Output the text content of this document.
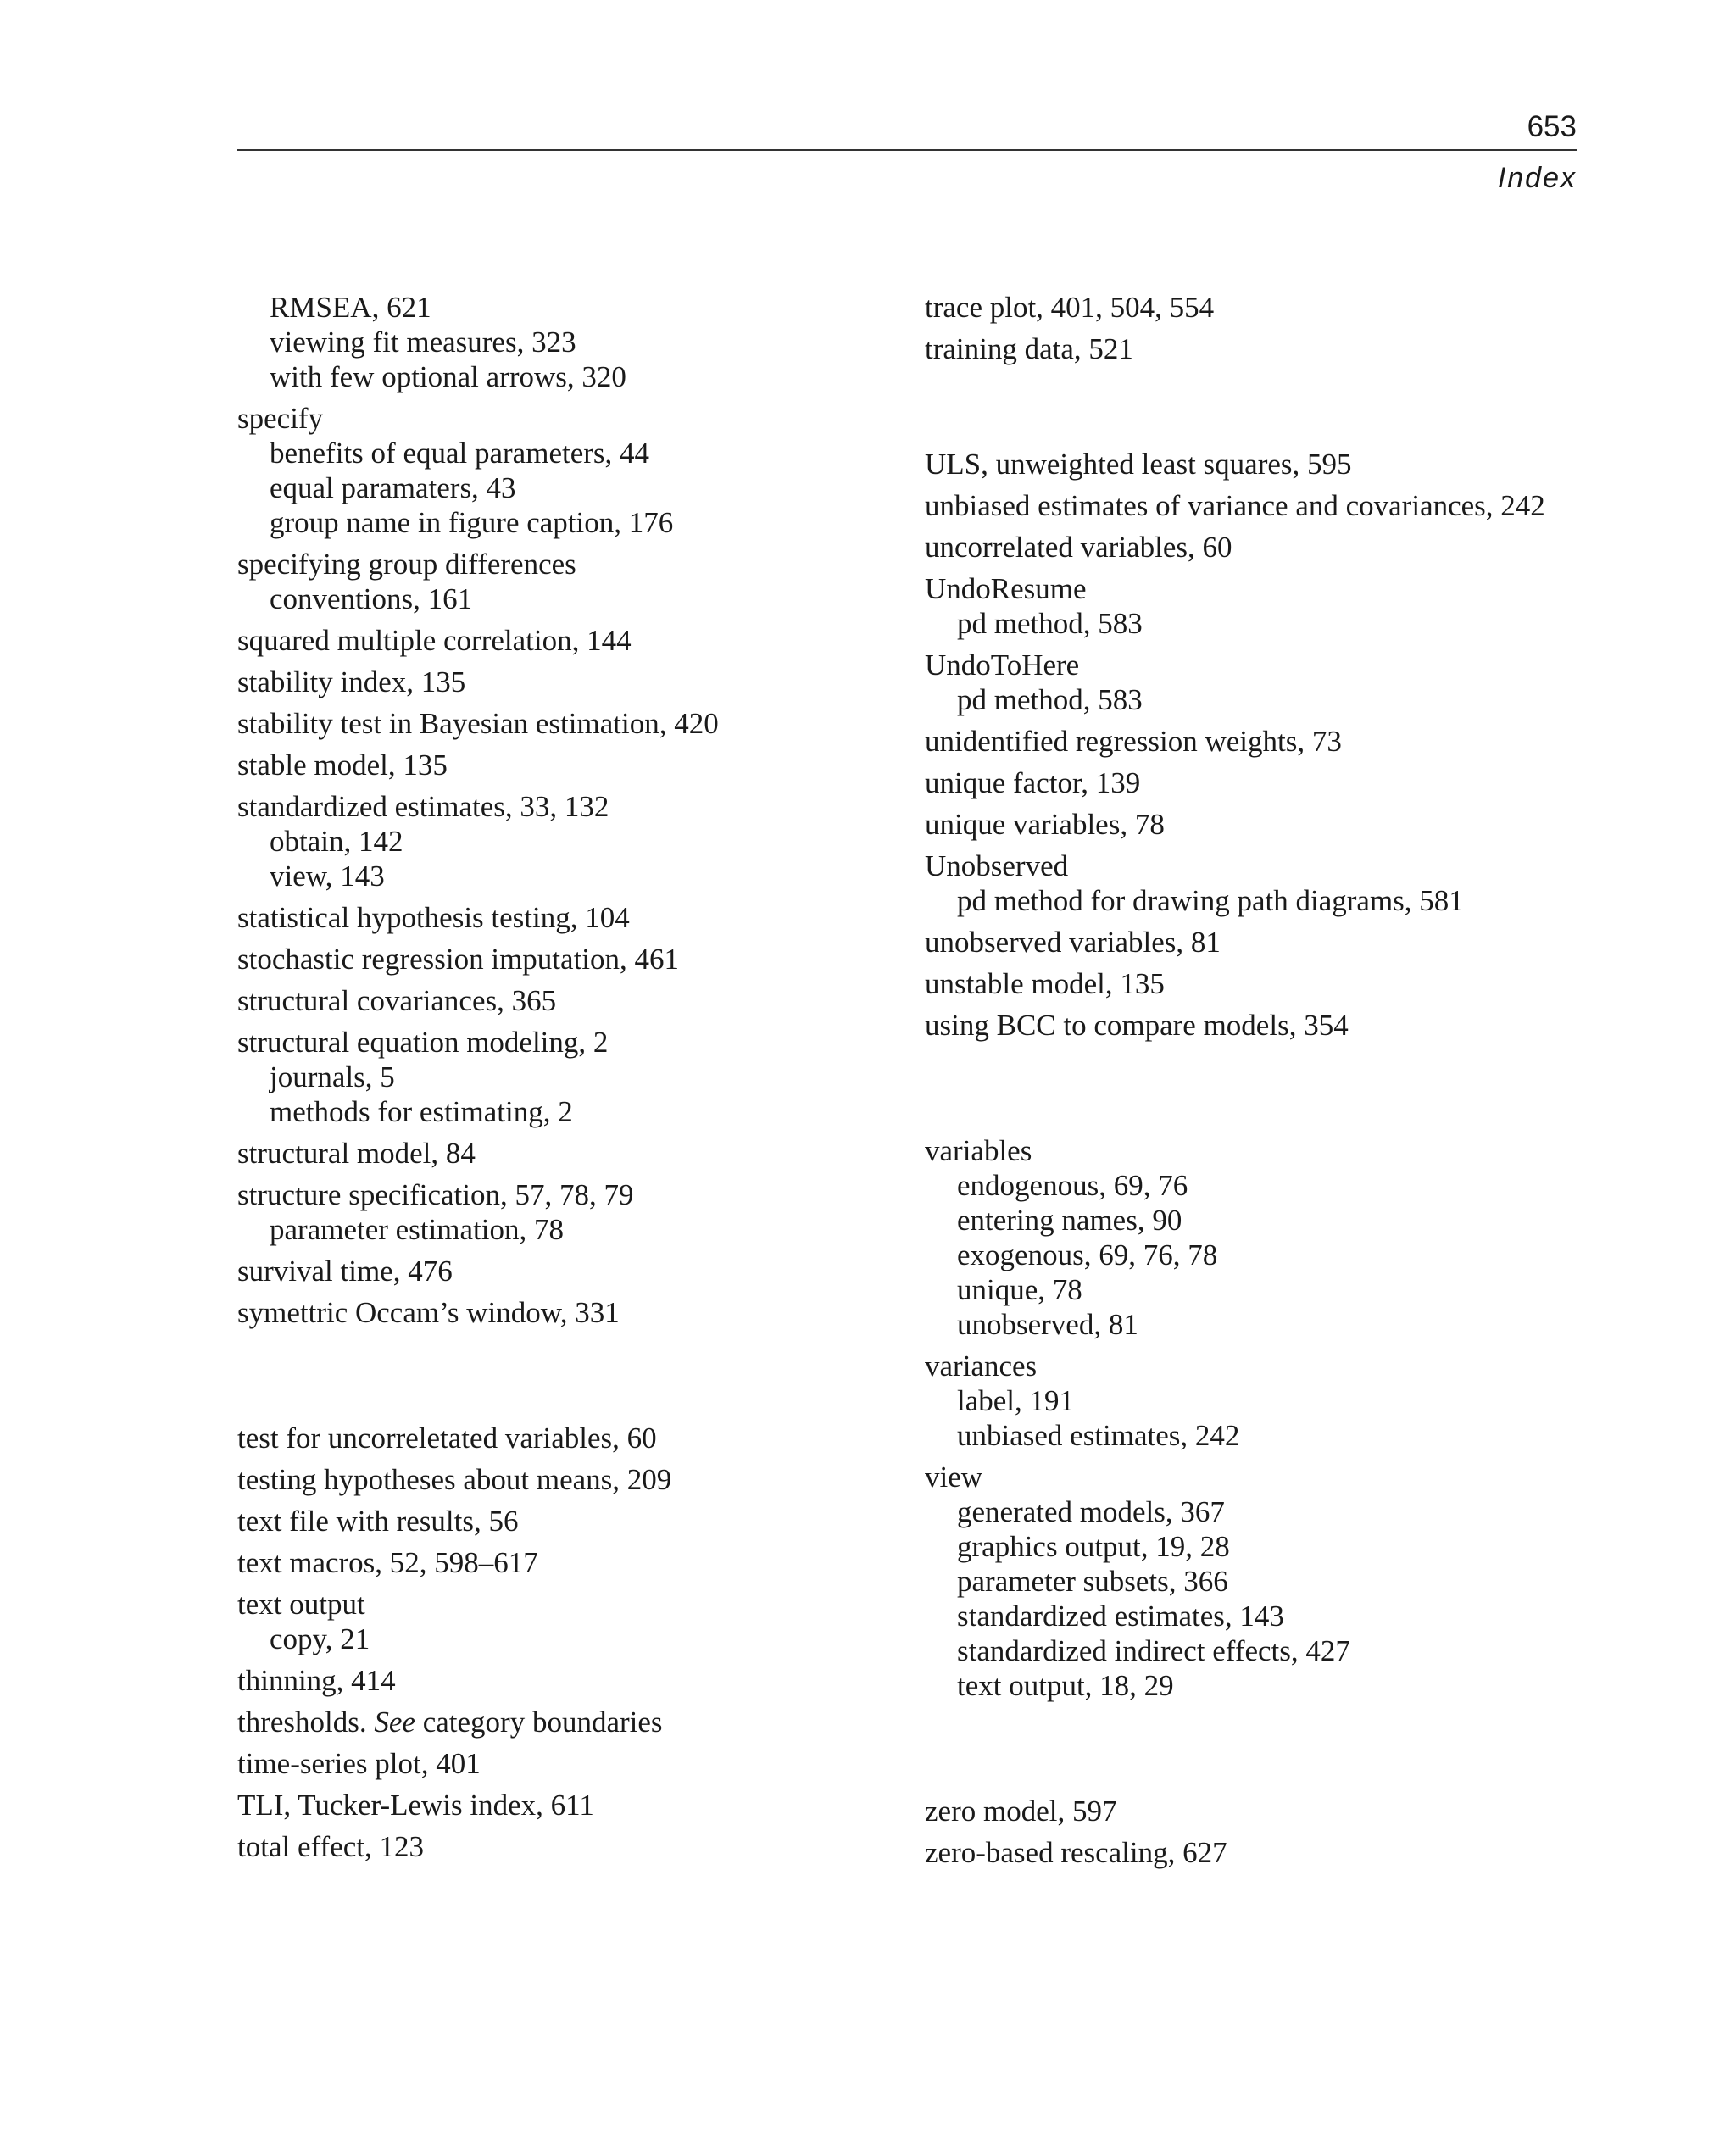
653
Index
RMSEA, 621
viewing fit measures, 323
with few optional arrows, 320
specify
benefits of equal parameters, 44
equal paramaters, 43
group name in figure caption, 176
specifying group differences
conventions, 161
squared multiple correlation, 144
stability index, 135
stability test in Bayesian estimation, 420
stable model, 135
standardized estimates, 33, 132
obtain, 142
view, 143
statistical hypothesis testing, 104
stochastic regression imputation, 461
structural covariances, 365
structural equation modeling, 2
journals, 5
methods for estimating, 2
structural model, 84
structure specification, 57, 78, 79
parameter estimation, 78
survival time, 476
symettric Occam’s window, 331
test for uncorreletated variables, 60
testing hypotheses about means, 209
text file with results, 56
text macros, 52, 598–617
text output
copy, 21
thinning, 414
thresholds. See category boundaries
time-series plot, 401
TLI, Tucker-Lewis index, 611
total effect, 123
trace plot, 401, 504, 554
training data, 521
ULS, unweighted least squares, 595
unbiased estimates of variance and covariances, 242
uncorrelated variables, 60
UndoResume
pd method, 583
UndoToHere
pd method, 583
unidentified regression weights, 73
unique factor, 139
unique variables, 78
Unobserved
pd method for drawing path diagrams, 581
unobserved variables, 81
unstable model, 135
using BCC to compare models, 354
variables
endogenous, 69, 76
entering names, 90
exogenous, 69, 76, 78
unique, 78
unobserved, 81
variances
label, 191
unbiased estimates, 242
view
generated models, 367
graphics output, 19, 28
parameter subsets, 366
standardized estimates, 143
standardized indirect effects, 427
text output, 18, 29
zero model, 597
zero-based rescaling, 627
